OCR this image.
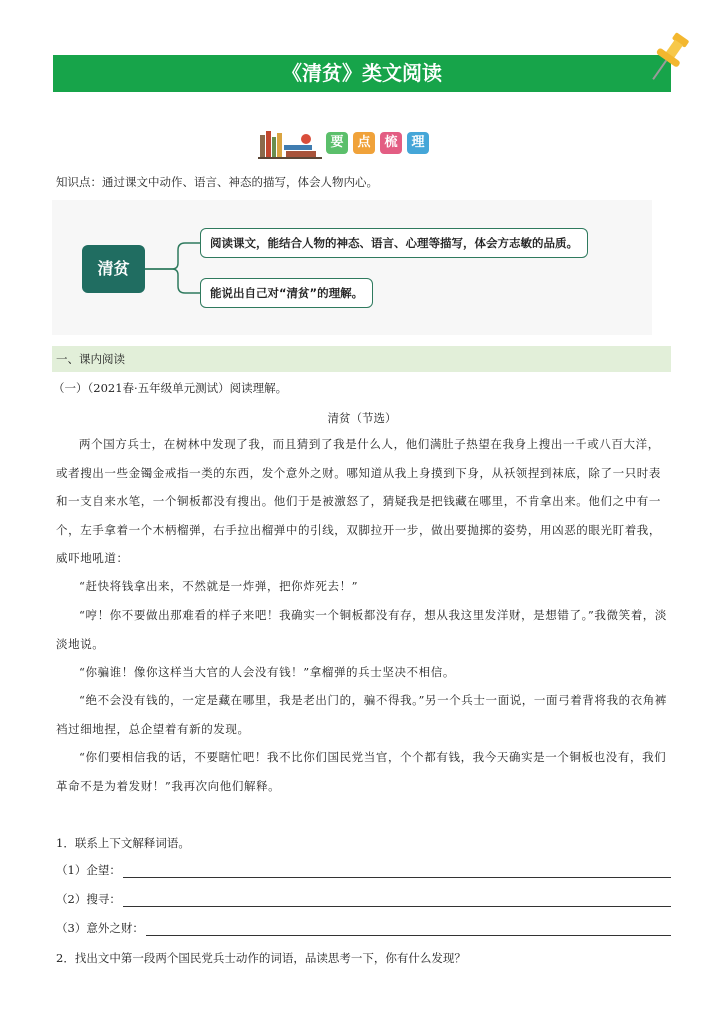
《清贫》类文阅读
要	点	梳	理
知识点：通过课文中动作、语言、神态的描写，体会人物内心。
清贫
阅读课文，能结合人物的神态、语言、心理等描写，体会方志敏的品质。
能说出自己对“清贫”的理解。
一、课内阅读
（一）（2021春·五年级单元测试）阅读理解。
清贫（节选）
两个国方兵士，在树林中发现了我，而且猜到了我是什么人，他们满肚子热望在我身上搜出一千或八百大洋，或者搜出一些金镯金戒指一类的东西，发个意外之财。哪知道从我上身摸到下身，从袄领捏到袜底，除了一只时表和一支自来水笔，一个铜板都没有搜出。他们于是被激怒了，猜疑我是把钱藏在哪里，不肯拿出来。他们之中有一个，左手拿着一个木柄榴弹，右手拉出榴弹中的引线，双脚拉开一步，做出要抛掷的姿势，用凶恶的眼光盯着我，威吓地吼道：
“赶快将钱拿出来，不然就是一炸弹，把你炸死去！”
“哼！你不要做出那难看的样子来吧！我确实一个铜板都没有存，想从我这里发洋财，是想错了。”我微笑着，淡淡地说。
“你骗谁！像你这样当大官的人会没有钱！”拿榴弹的兵士坚决不相信。
“绝不会没有钱的，一定是藏在哪里，我是老出门的，骗不得我。”另一个兵士一面说，一面弓着背将我的衣角裤裆过细地捏，总企望着有新的发现。
“你们要相信我的话，不要瞎忙吧！我不比你们国民党当官，个个都有钱，我今天确实是一个铜板也没有，我们革命不是为着发财！”我再次向他们解释。
1．联系上下文解释词语。
（1）企望：
（2）搜寻：
（3）意外之财：
2．找出文中第一段两个国民党兵士动作的词语，品读思考一下，你有什么发现？
